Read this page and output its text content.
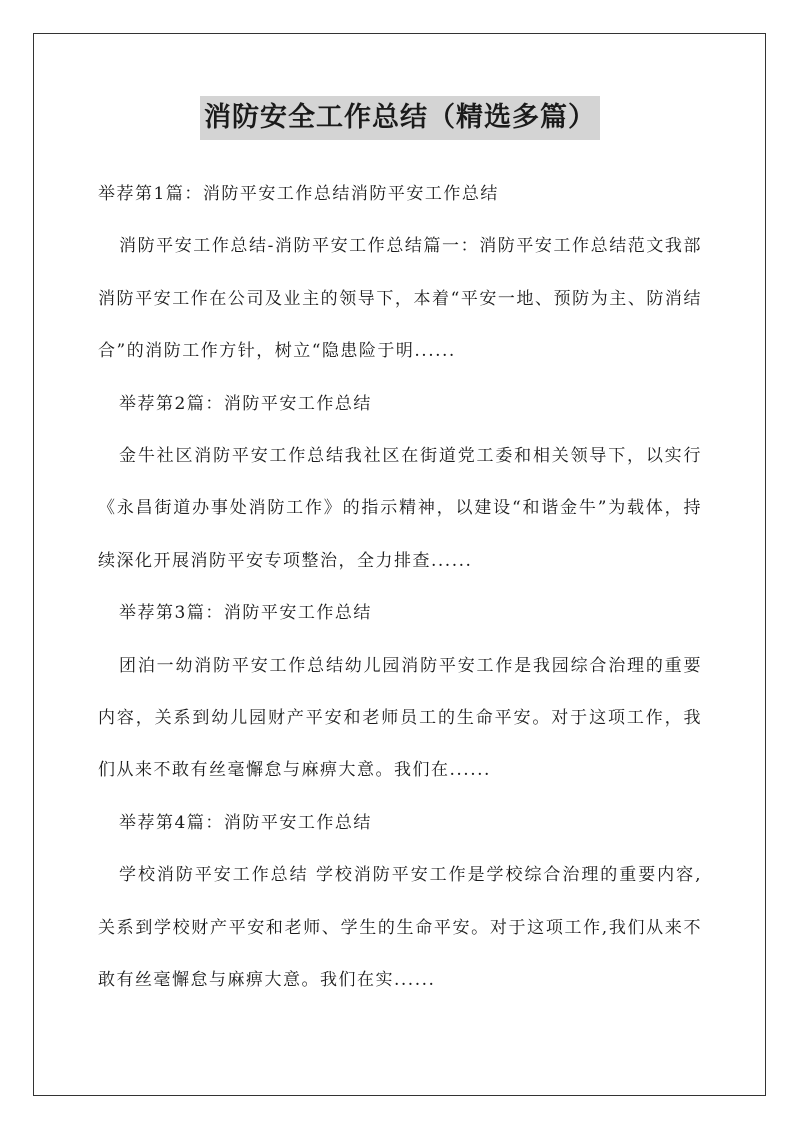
消防安全工作总结（精选多篇）

举荐第1篇：消防平安工作总结消防平安工作总结

消防平安工作总结-消防平安工作总结篇一：消防平安工作总结范文我部消防平安工作在公司及业主的领导下，本着“平安一地、预防为主、防消结合”的消防工作方针，树立“隐患险于明......

举荐第2篇：消防平安工作总结

金牛社区消防平安工作总结我社区在街道党工委和相关领导下，以实行《永昌街道办事处消防工作》的指示精神，以建设“和谐金牛”为载体，持续深化开展消防平安专项整治，全力排查......

举荐第3篇：消防平安工作总结

团泊一幼消防平安工作总结幼儿园消防平安工作是我园综合治理的重要内容，关系到幼儿园财产平安和老师员工的生命平安。对于这项工作，我们从来不敢有丝毫懈怠与麻痹大意。我们在......

举荐第4篇：消防平安工作总结

学校消防平安工作总结 学校消防平安工作是学校综合治理的重要内容,关系到学校财产平安和老师、学生的生命平安。对于这项工作,我们从来不敢有丝毫懈怠与麻痹大意。我们在实......
